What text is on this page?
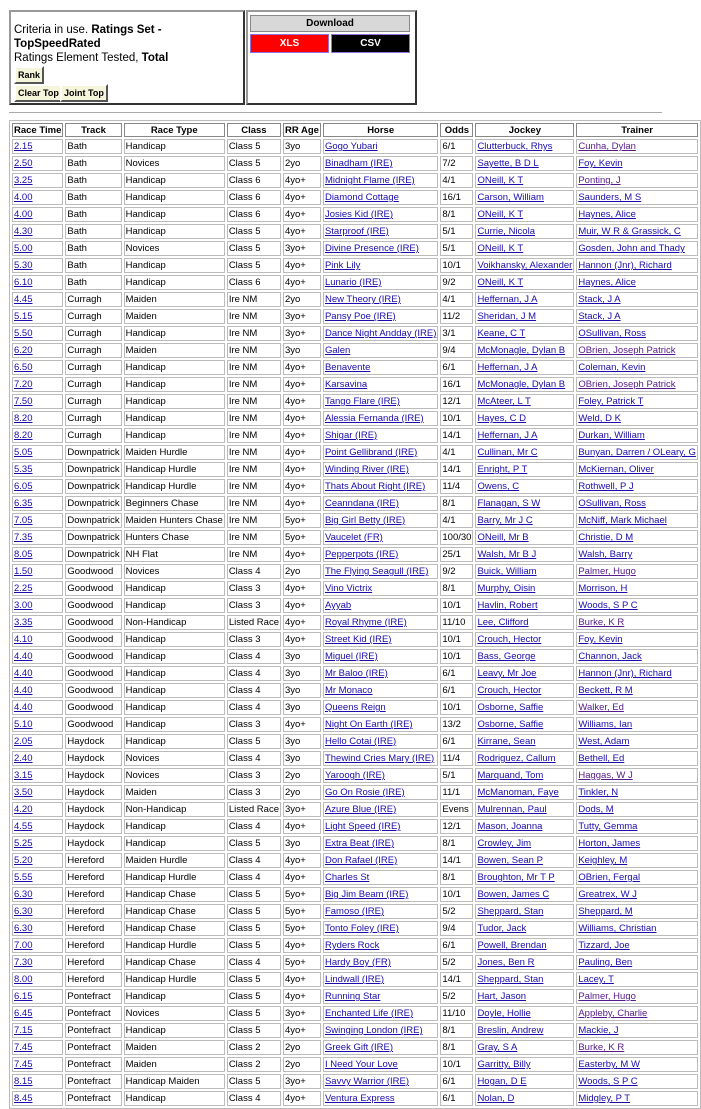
Criteria in use. Ratings Set - TopSpeedRated
Ratings Element Tested, Total
Rank
Clear Top Joint Top
Download
XLS	CSV
Race Time	Track	Race Type	Class	RR Age	Horse	Odds	Jockey	Trainer
2.15	Bath	Handicap	Class 5	3yo	Gogo Yubari	6/1	Clutterbuck, Rhys	Cunha, Dylan
2.50	Bath	Novices	Class 5	2yo	Binadham (IRE)	7/2	Sayette, B D L	Foy, Kevin
3.25	Bath	Handicap	Class 6	4yo+	Midnight Flame (IRE)	4/1	ONeill, K T	Ponting, J
4.00	Bath	Handicap	Class 6	4yo+	Diamond Cottage	16/1	Carson, William	Saunders, M S
4.00	Bath	Handicap	Class 6	4yo+	Josies Kid (IRE)	8/1	ONeill, K T	Haynes, Alice
4.30	Bath	Handicap	Class 5	4yo+	Starproof (IRE)	5/1	Currie, Nicola	Muir, W R & Grassick, C
5.00	Bath	Novices	Class 5	3yo+	Divine Presence (IRE)	5/1	ONeill, K T	Gosden, John and Thady
5.30	Bath	Handicap	Class 5	4yo+	Pink Lily	10/1	Voikhansky, Alexander	Hannon (Jnr), Richard
6.10	Bath	Handicap	Class 6	4yo+	Lunario (IRE)	9/2	ONeill, K T	Haynes, Alice
4.45	Curragh	Maiden	Ire NM	2yo	New Theory (IRE)	4/1	Heffernan, J A	Stack, J A
5.15	Curragh	Maiden	Ire NM	3yo+	Pansy Poe (IRE)	11/2	Sheridan, J M	Stack, J A
5.50	Curragh	Handicap	Ire NM	3yo+	Dance Night Andday (IRE)	3/1	Keane, C T	OSullivan, Ross
6.20	Curragh	Maiden	Ire NM	3yo	Galen	9/4	McMonagle, Dylan B	OBrien, Joseph Patrick
6.50	Curragh	Handicap	Ire NM	4yo+	Benavente	6/1	Heffernan, J A	Coleman, Kevin
7.20	Curragh	Handicap	Ire NM	4yo+	Karsavina	16/1	McMonagle, Dylan B	OBrien, Joseph Patrick
7.50	Curragh	Handicap	Ire NM	4yo+	Tango Flare (IRE)	12/1	McAteer, L T	Foley, Patrick T
8.20	Curragh	Handicap	Ire NM	4yo+	Alessia Fernanda (IRE)	10/1	Hayes, C D	Weld, D K
8.20	Curragh	Handicap	Ire NM	4yo+	Shigar (IRE)	14/1	Heffernan, J A	Durkan, William
5.05	Downpatrick	Maiden Hurdle	Ire NM	4yo+	Point Gellibrand (IRE)	4/1	Cullinan, Mr C	Bunyan, Darren / OLeary, G
5.35	Downpatrick	Handicap Hurdle	Ire NM	4yo+	Winding River (IRE)	14/1	Enright, P T	McKiernan, Oliver
6.05	Downpatrick	Handicap Hurdle	Ire NM	4yo+	Thats About Right (IRE)	11/4	Owens, C	Rothwell, P J
6.35	Downpatrick	Beginners Chase	Ire NM	4yo+	Ceanndana (IRE)	8/1	Flanagan, S W	OSullivan, Ross
7.05	Downpatrick	Maiden Hunters Chase	Ire NM	5yo+	Big Girl Betty (IRE)	4/1	Barry, Mr J C	McNiff, Mark Michael
7.35	Downpatrick	Hunters Chase	Ire NM	5yo+	Vaucelet (FR)	100/30	ONeill, Mr B	Christie, D M
8.05	Downpatrick	NH Flat	Ire NM	4yo+	Pepperpots (IRE)	25/1	Walsh, Mr B J	Walsh, Barry
1.50	Goodwood	Novices	Class 4	2yo	The Flying Seagull (IRE)	9/2	Buick, William	Palmer, Hugo
2.25	Goodwood	Handicap	Class 3	4yo+	Vino Victrix	8/1	Murphy, Oisin	Morrison, H
3.00	Goodwood	Handicap	Class 3	4yo+	Ayyab	10/1	Havlin, Robert	Woods, S P C
3.35	Goodwood	Non-Handicap	Listed Race	4yo+	Royal Rhyme (IRE)	11/10	Lee, Clifford	Burke, K R
4.10	Goodwood	Handicap	Class 3	4yo+	Street Kid (IRE)	10/1	Crouch, Hector	Foy, Kevin
4.40	Goodwood	Handicap	Class 4	3yo	Miguel (IRE)	10/1	Bass, George	Channon, Jack
4.40	Goodwood	Handicap	Class 4	3yo	Mr Baloo (IRE)	6/1	Leavy, Mr Joe	Hannon (Jnr), Richard
4.40	Goodwood	Handicap	Class 4	3yo	Mr Monaco	6/1	Crouch, Hector	Beckett, R M
4.40	Goodwood	Handicap	Class 4	3yo	Queens Reign	10/1	Osborne, Saffie	Walker, Ed
5.10	Goodwood	Handicap	Class 3	4yo+	Night On Earth (IRE)	13/2	Osborne, Saffie	Williams, Ian
2.05	Haydock	Handicap	Class 5	3yo	Hello Cotai (IRE)	6/1	Kirrane, Sean	West, Adam
2.40	Haydock	Novices	Class 4	3yo	Thewind Cries Mary (IRE)	11/4	Rodriguez, Callum	Bethell, Ed
3.15	Haydock	Novices	Class 3	2yo	Yaroogh (IRE)	5/1	Marquand, Tom	Haggas, W J
3.50	Haydock	Maiden	Class 3	2yo	Go On Rosie (IRE)	11/1	McManoman, Faye	Tinkler, N
4.20	Haydock	Non-Handicap	Listed Race	3yo+	Azure Blue (IRE)	Evens	Mulrennan, Paul	Dods, M
4.55	Haydock	Handicap	Class 4	4yo+	Light Speed (IRE)	12/1	Mason, Joanna	Tutty, Gemma
5.25	Haydock	Handicap	Class 5	3yo	Extra Beat (IRE)	8/1	Crowley, Jim	Horton, James
5.20	Hereford	Maiden Hurdle	Class 4	4yo+	Don Rafael (IRE)	14/1	Bowen, Sean P	Keighley, M
5.55	Hereford	Handicap Hurdle	Class 4	4yo+	Charles St	8/1	Broughton, Mr T P	OBrien, Fergal
6.30	Hereford	Handicap Chase	Class 5	5yo+	Big Jim Beam (IRE)	10/1	Bowen, James C	Greatrex, W J
6.30	Hereford	Handicap Chase	Class 5	5yo+	Famoso (IRE)	5/2	Sheppard, Stan	Sheppard, M
6.30	Hereford	Handicap Chase	Class 5	5yo+	Tonto Foley (IRE)	9/4	Tudor, Jack	Williams, Christian
7.00	Hereford	Handicap Hurdle	Class 5	4yo+	Ryders Rock	6/1	Powell, Brendan	Tizzard, Joe
7.30	Hereford	Handicap Chase	Class 4	5yo+	Hardy Boy (FR)	5/2	Jones, Ben R	Pauling, Ben
8.00	Hereford	Handicap Hurdle	Class 5	4yo+	Lindwall (IRE)	14/1	Sheppard, Stan	Lacey, T
6.15	Pontefract	Handicap	Class 5	4yo+	Running Star	5/2	Hart, Jason	Palmer, Hugo
6.45	Pontefract	Novices	Class 5	3yo+	Enchanted Life (IRE)	11/10	Doyle, Hollie	Appleby, Charlie
7.15	Pontefract	Handicap	Class 5	4yo+	Swinging London (IRE)	8/1	Breslin, Andrew	Mackie, J
7.45	Pontefract	Maiden	Class 2	2yo	Greek Gift (IRE)	8/1	Gray, S A	Burke, K R
7.45	Pontefract	Maiden	Class 2	2yo	I Need Your Love	10/1	Garritty, Billy	Easterby, M W
8.15	Pontefract	Handicap Maiden	Class 5	3yo+	Savvy Warrior (IRE)	6/1	Hogan, D E	Woods, S P C
8.45	Pontefract	Handicap	Class 4	4yo+	Ventura Express	6/1	Nolan, D	Midgley, P T
